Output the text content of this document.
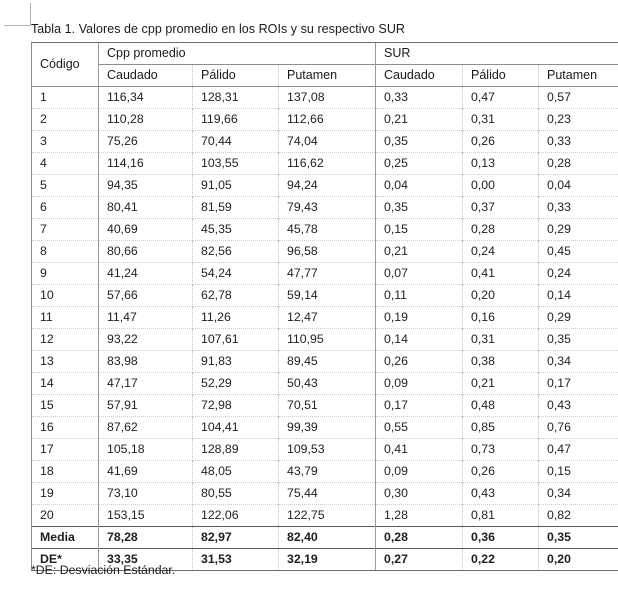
Tabla 1. Valores de cpp promedio en los ROIs y su respectivo SUR
Código	Cpp promedio			SUR		
	Caudado	Pálido	Putamen	Caudado	Pálido	Putamen
1	116,34	128,31	137,08	0,33	0,47	0,57
2	110,28	119,66	112,66	0,21	0,31	0,23
3	75,26	70,44	74,04	0,35	0,26	0,33
4	114,16	103,55	116,62	0,25	0,13	0,28
5	94,35	91,05	94,24	0,04	0,00	0,04
6	80,41	81,59	79,43	0,35	0,37	0,33
7	40,69	45,35	45,78	0,15	0,28	0,29
8	80,66	82,56	96,58	0,21	0,24	0,45
9	41,24	54,24	47,77	0,07	0,41	0,24
10	57,66	62,78	59,14	0,11	0,20	0,14
11	11,47	11,26	12,47	0,19	0,16	0,29
12	93,22	107,61	110,95	0,14	0,31	0,35
13	83,98	91,83	89,45	0,26	0,38	0,34
14	47,17	52,29	50,43	0,09	0,21	0,17
15	57,91	72,98	70,51	0,17	0,48	0,43
16	87,62	104,41	99,39	0,55	0,85	0,76
17	105,18	128,89	109,53	0,41	0,73	0,47
18	41,69	48,05	43,79	0,09	0,26	0,15
19	73,10	80,55	75,44	0,30	0,43	0,34
20	153,15	122,06	122,75	1,28	0,81	0,82
Media	78,28	82,97	82,40	0,28	0,36	0,35
DE*	33,35	31,53	32,19	0,27	0,22	0,20
*DE: Desviación Estándar.
